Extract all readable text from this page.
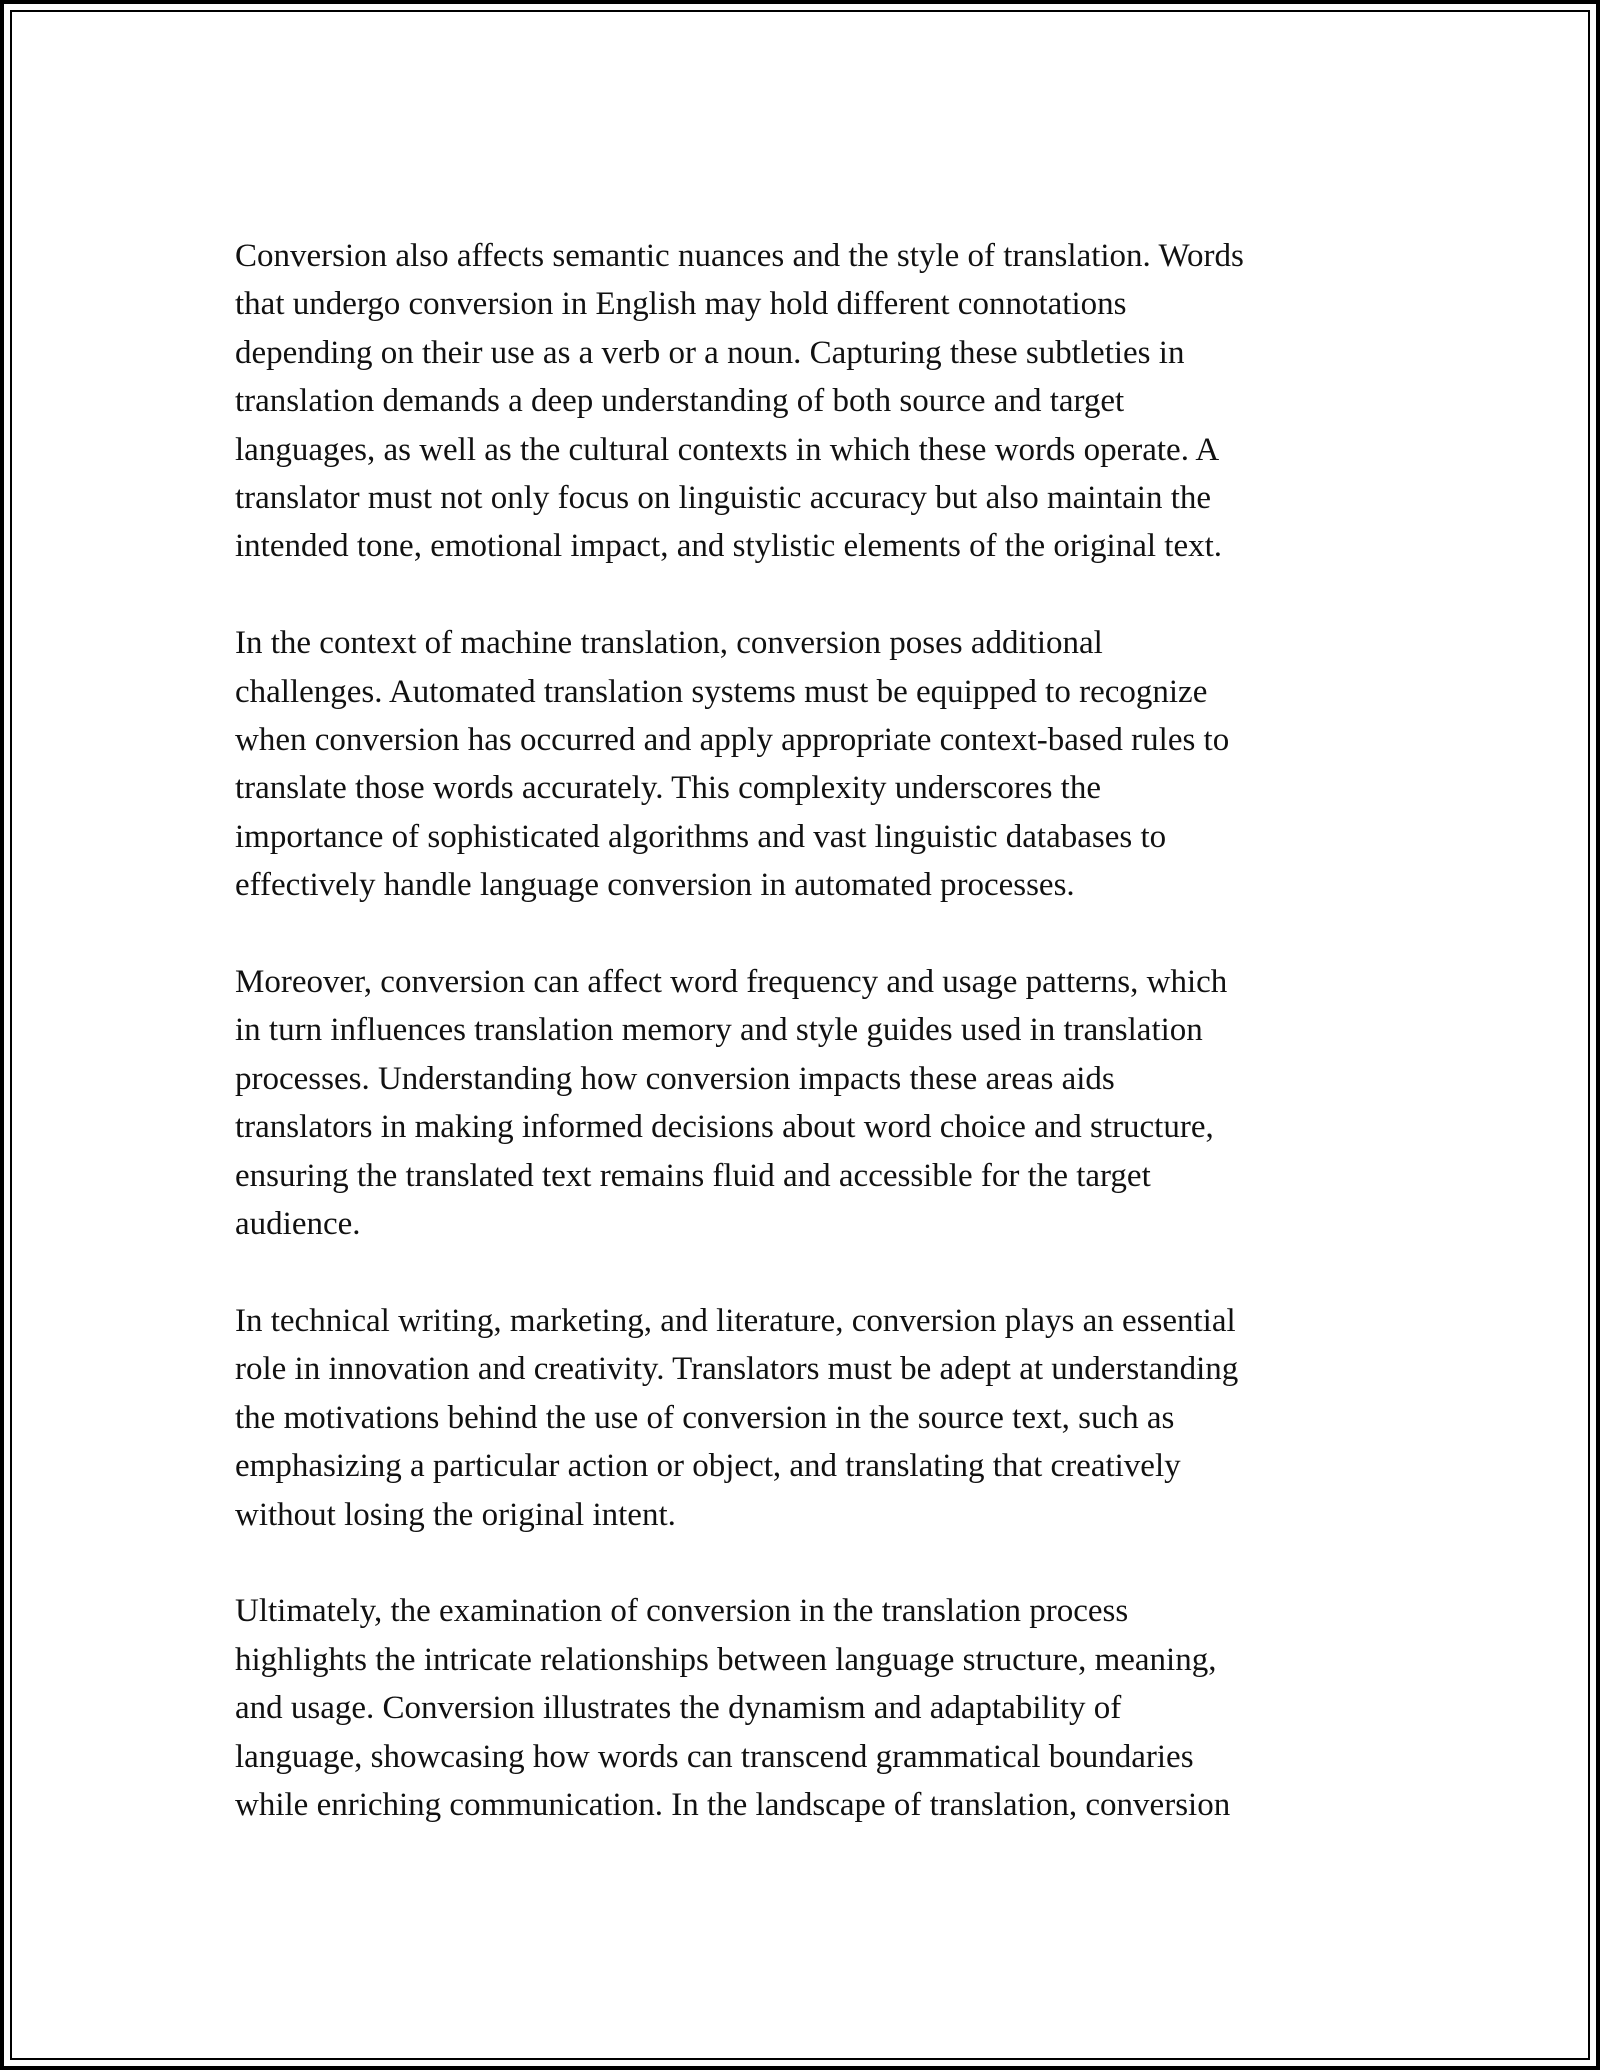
Conversion also affects semantic nuances and the style of translation. Words
that undergo conversion in English may hold different connotations
depending on their use as a verb or a noun. Capturing these subtleties in
translation demands a deep understanding of both source and target
languages, as well as the cultural contexts in which these words operate. A
translator must not only focus on linguistic accuracy but also maintain the
intended tone, emotional impact, and stylistic elements of the original text.

In the context of machine translation, conversion poses additional
challenges. Automated translation systems must be equipped to recognize
when conversion has occurred and apply appropriate context-based rules to
translate those words accurately. This complexity underscores the
importance of sophisticated algorithms and vast linguistic databases to
effectively handle language conversion in automated processes.

Moreover, conversion can affect word frequency and usage patterns, which
in turn influences translation memory and style guides used in translation
processes. Understanding how conversion impacts these areas aids
translators in making informed decisions about word choice and structure,
ensuring the translated text remains fluid and accessible for the target
audience.

In technical writing, marketing, and literature, conversion plays an essential
role in innovation and creativity. Translators must be adept at understanding
the motivations behind the use of conversion in the source text, such as
emphasizing a particular action or object, and translating that creatively
without losing the original intent.

Ultimately, the examination of conversion in the translation process
highlights the intricate relationships between language structure, meaning,
and usage. Conversion illustrates the dynamism and adaptability of
language, showcasing how words can transcend grammatical boundaries
while enriching communication. In the landscape of translation, conversion
